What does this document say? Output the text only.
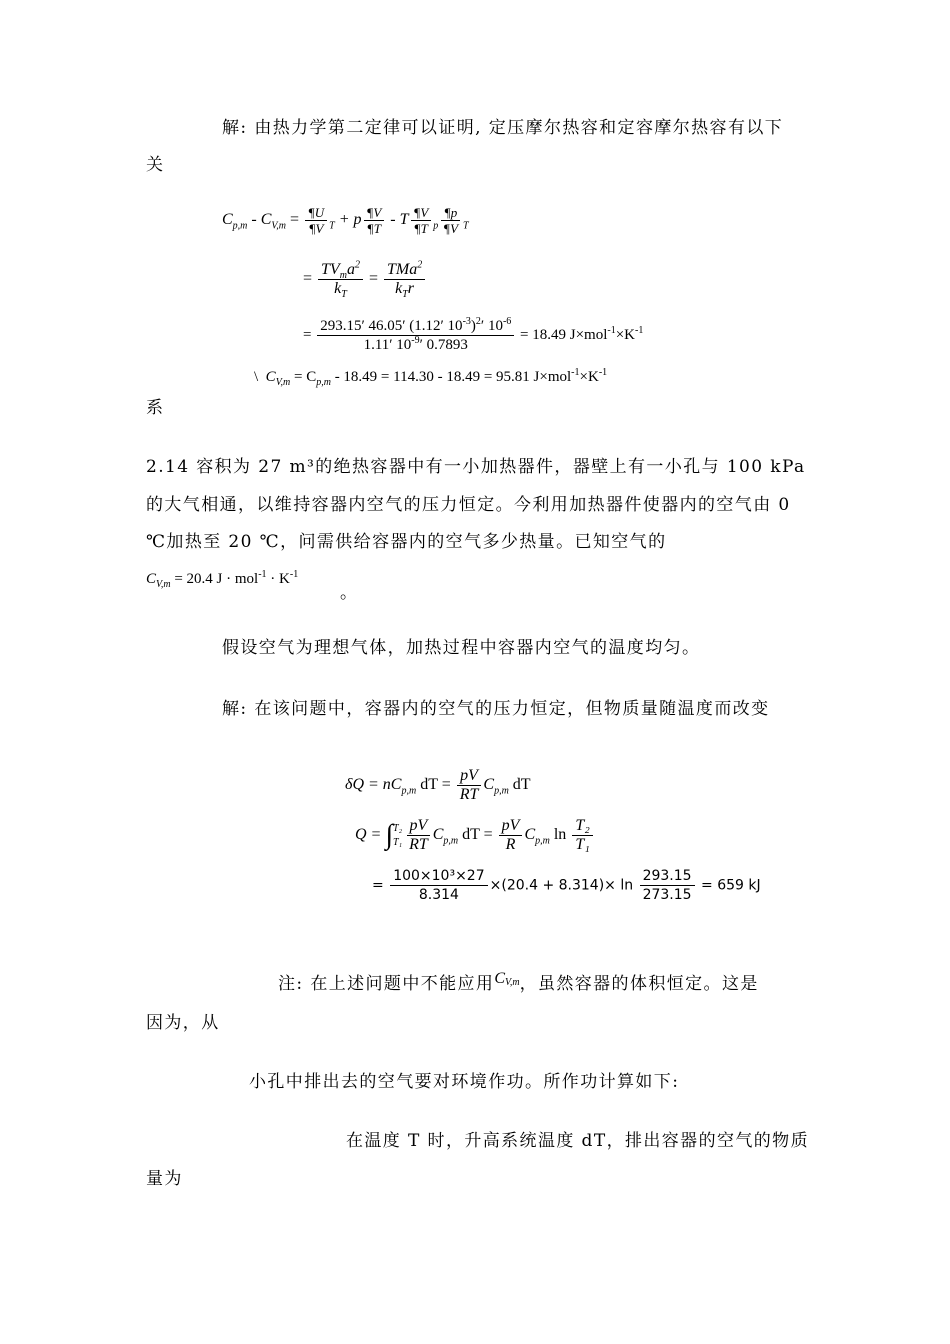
解: 由热力学第二定律可以证明, 定压摩尔热容和定容摩尔热容有以下
关
$C_{p,m} - C_{V,m} = \frac{\P U}{\P V} _T + p \frac{\P V}{\P T} - T \frac{\P V}{\P T} _p \frac{\P p}{\P V} _T$
= $\frac{TV_ma^2}{k_T} = \frac{TMa^2}{k_Tr}$
= $\frac{293.15' 46.05' (1.12' 10^{-3})^2' 10^{-6}}{1.11' 10^{-9}' 0.7893} = 18.49$ $J\times mol^{-1}\times K^{-1}$
\ $C_{V,m} = C_{p,m} - 18.49 = 114.30 - 18.49 = 95.81$ $J\times mol^{-1}\times K^{-1}$
系
2.14 容积为 27 m³的绝热容器中有一小加热器件，器壁上有一小孔与 100 kPa
的大气相通，以维持容器内空气的压力恒定。今利用加热器件使器内的空气由 0
℃加热至 20 ℃，问需供给容器内的空气多少热量。已知空气的
$C_{V,m} = 20.4$ $J \cdot mol^{-1} \cdot K^{-1}$
。
假设空气为理想气体，加热过程中容器内空气的温度均匀。
解: 在该问题中，容器内的空气的压力恒定，但物质量随温度而改变
$\delta Q = nC_{p,m}$ dT = $\frac{pV}{RT} C_{p,m}$ dT
Q = ∫ T₂
$T_1 \frac{pV}{RT} C_{p,m}$ dT = $\frac{pV}{R} C_{p,m}$ $\ln \frac{\text{T₂}}{\text{T₁}}$
= $\frac{\text{100×10³×27}}{8.314} \times(20.4 + 8.314)\times \ln \frac{293.15}{273.15} = 659$ kJ
注: 在上述问题中不能应用$C^{V,m}$，虽然容器的体积恒定。这是
因为，从
小孔中排出去的空气要对环境作功。所作功计算如下:
在温度 T 时，升高系统温度 dT，排出容器的空气的物质
量为
